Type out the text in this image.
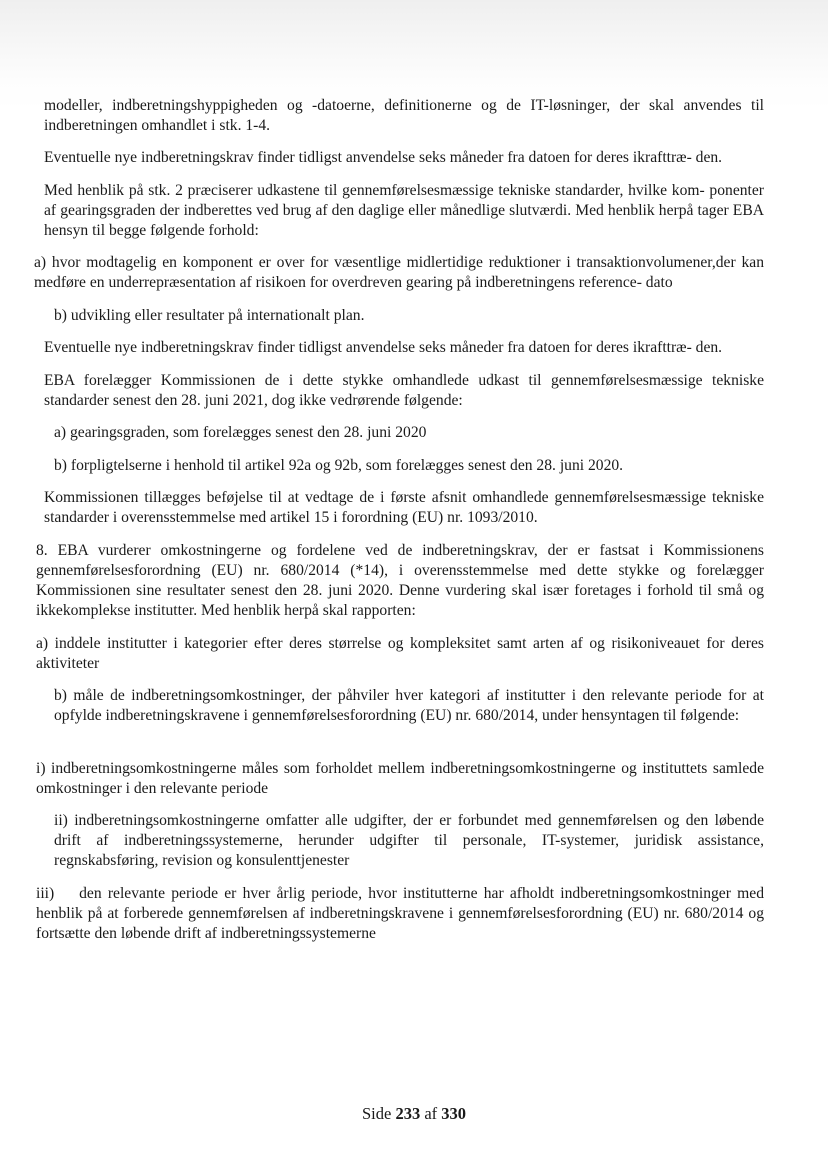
modeller, indberetningshyppigheden og -datoerne, definitionerne og de IT-løsninger, der skal anvendes til indberetningen omhandlet i stk. 1-4.

Eventuelle nye indberetningskrav finder tidligst anvendelse seks måneder fra datoen for deres ikrafttræ- den.

Med henblik på stk. 2 præciserer udkastene til gennemførelsesmæssige tekniske standarder, hvilke kom- ponenter af gearingsgraden der indberettes ved brug af den daglige eller månedlige slutværdi. Med henblik herpå tager EBA hensyn til begge følgende forhold:

a) hvor modtagelig en komponent er over for væsentlige midlertidige reduktioner i transaktionvolumener,der kan medføre en underrepræsentation af risikoen for overdreven gearing på indberetningens reference- dato

b) udvikling eller resultater på internationalt plan.

Eventuelle nye indberetningskrav finder tidligst anvendelse seks måneder fra datoen for deres ikrafttræ- den.

EBA forelægger Kommissionen de i dette stykke omhandlede udkast til gennemførelsesmæssige tekniske standarder senest den 28. juni 2021, dog ikke vedrørende følgende:

a) gearingsgraden, som forelægges senest den 28. juni 2020

b) forpligtelserne i henhold til artikel 92a og 92b, som forelægges senest den 28. juni 2020.

Kommissionen tillægges beføjelse til at vedtage de i første afsnit omhandlede gennemførelsesmæssige tekniske standarder i overensstemmelse med artikel 15 i forordning (EU) nr. 1093/2010.

8. EBA vurderer omkostningerne og fordelene ved de indberetningskrav, der er fastsat i Kommissionens gennemførelsesforordning (EU) nr. 680/2014 (*14), i overensstemmelse med dette stykke og forelægger Kommissionen sine resultater senest den 28. juni 2020. Denne vurdering skal især foretages i forhold til små og ikkekomplekse institutter. Med henblik herpå skal rapporten:

a) inddele institutter i kategorier efter deres størrelse og kompleksitet samt arten af og risikoniveauet for deres aktiviteter

b) måle de indberetningsomkostninger, der påhviler hver kategori af institutter i den relevante periode for at opfylde indberetningskravene i gennemførelsesforordning (EU) nr. 680/2014, under hensyntagen til følgende:

i) indberetningsomkostningerne måles som forholdet mellem indberetningsomkostningerne og instituttets samlede omkostninger i den relevante periode

ii) indberetningsomkostningerne omfatter alle udgifter, der er forbundet med gennemførelsen og den løbende drift af indberetningssystemerne, herunder udgifter til personale, IT-systemer, juridisk assistance, regnskabsføring, revision og konsulenttjenester

iii)    den relevante periode er hver årlig periode, hvor institutterne har afholdt indberetningsomkostninger med henblik på at forberede gennemførelsen af indberetningskravene i gennemførelsesforordning (EU) nr. 680/2014 og fortsætte den løbende drift af indberetningssystemerne

Side 233 af 330
